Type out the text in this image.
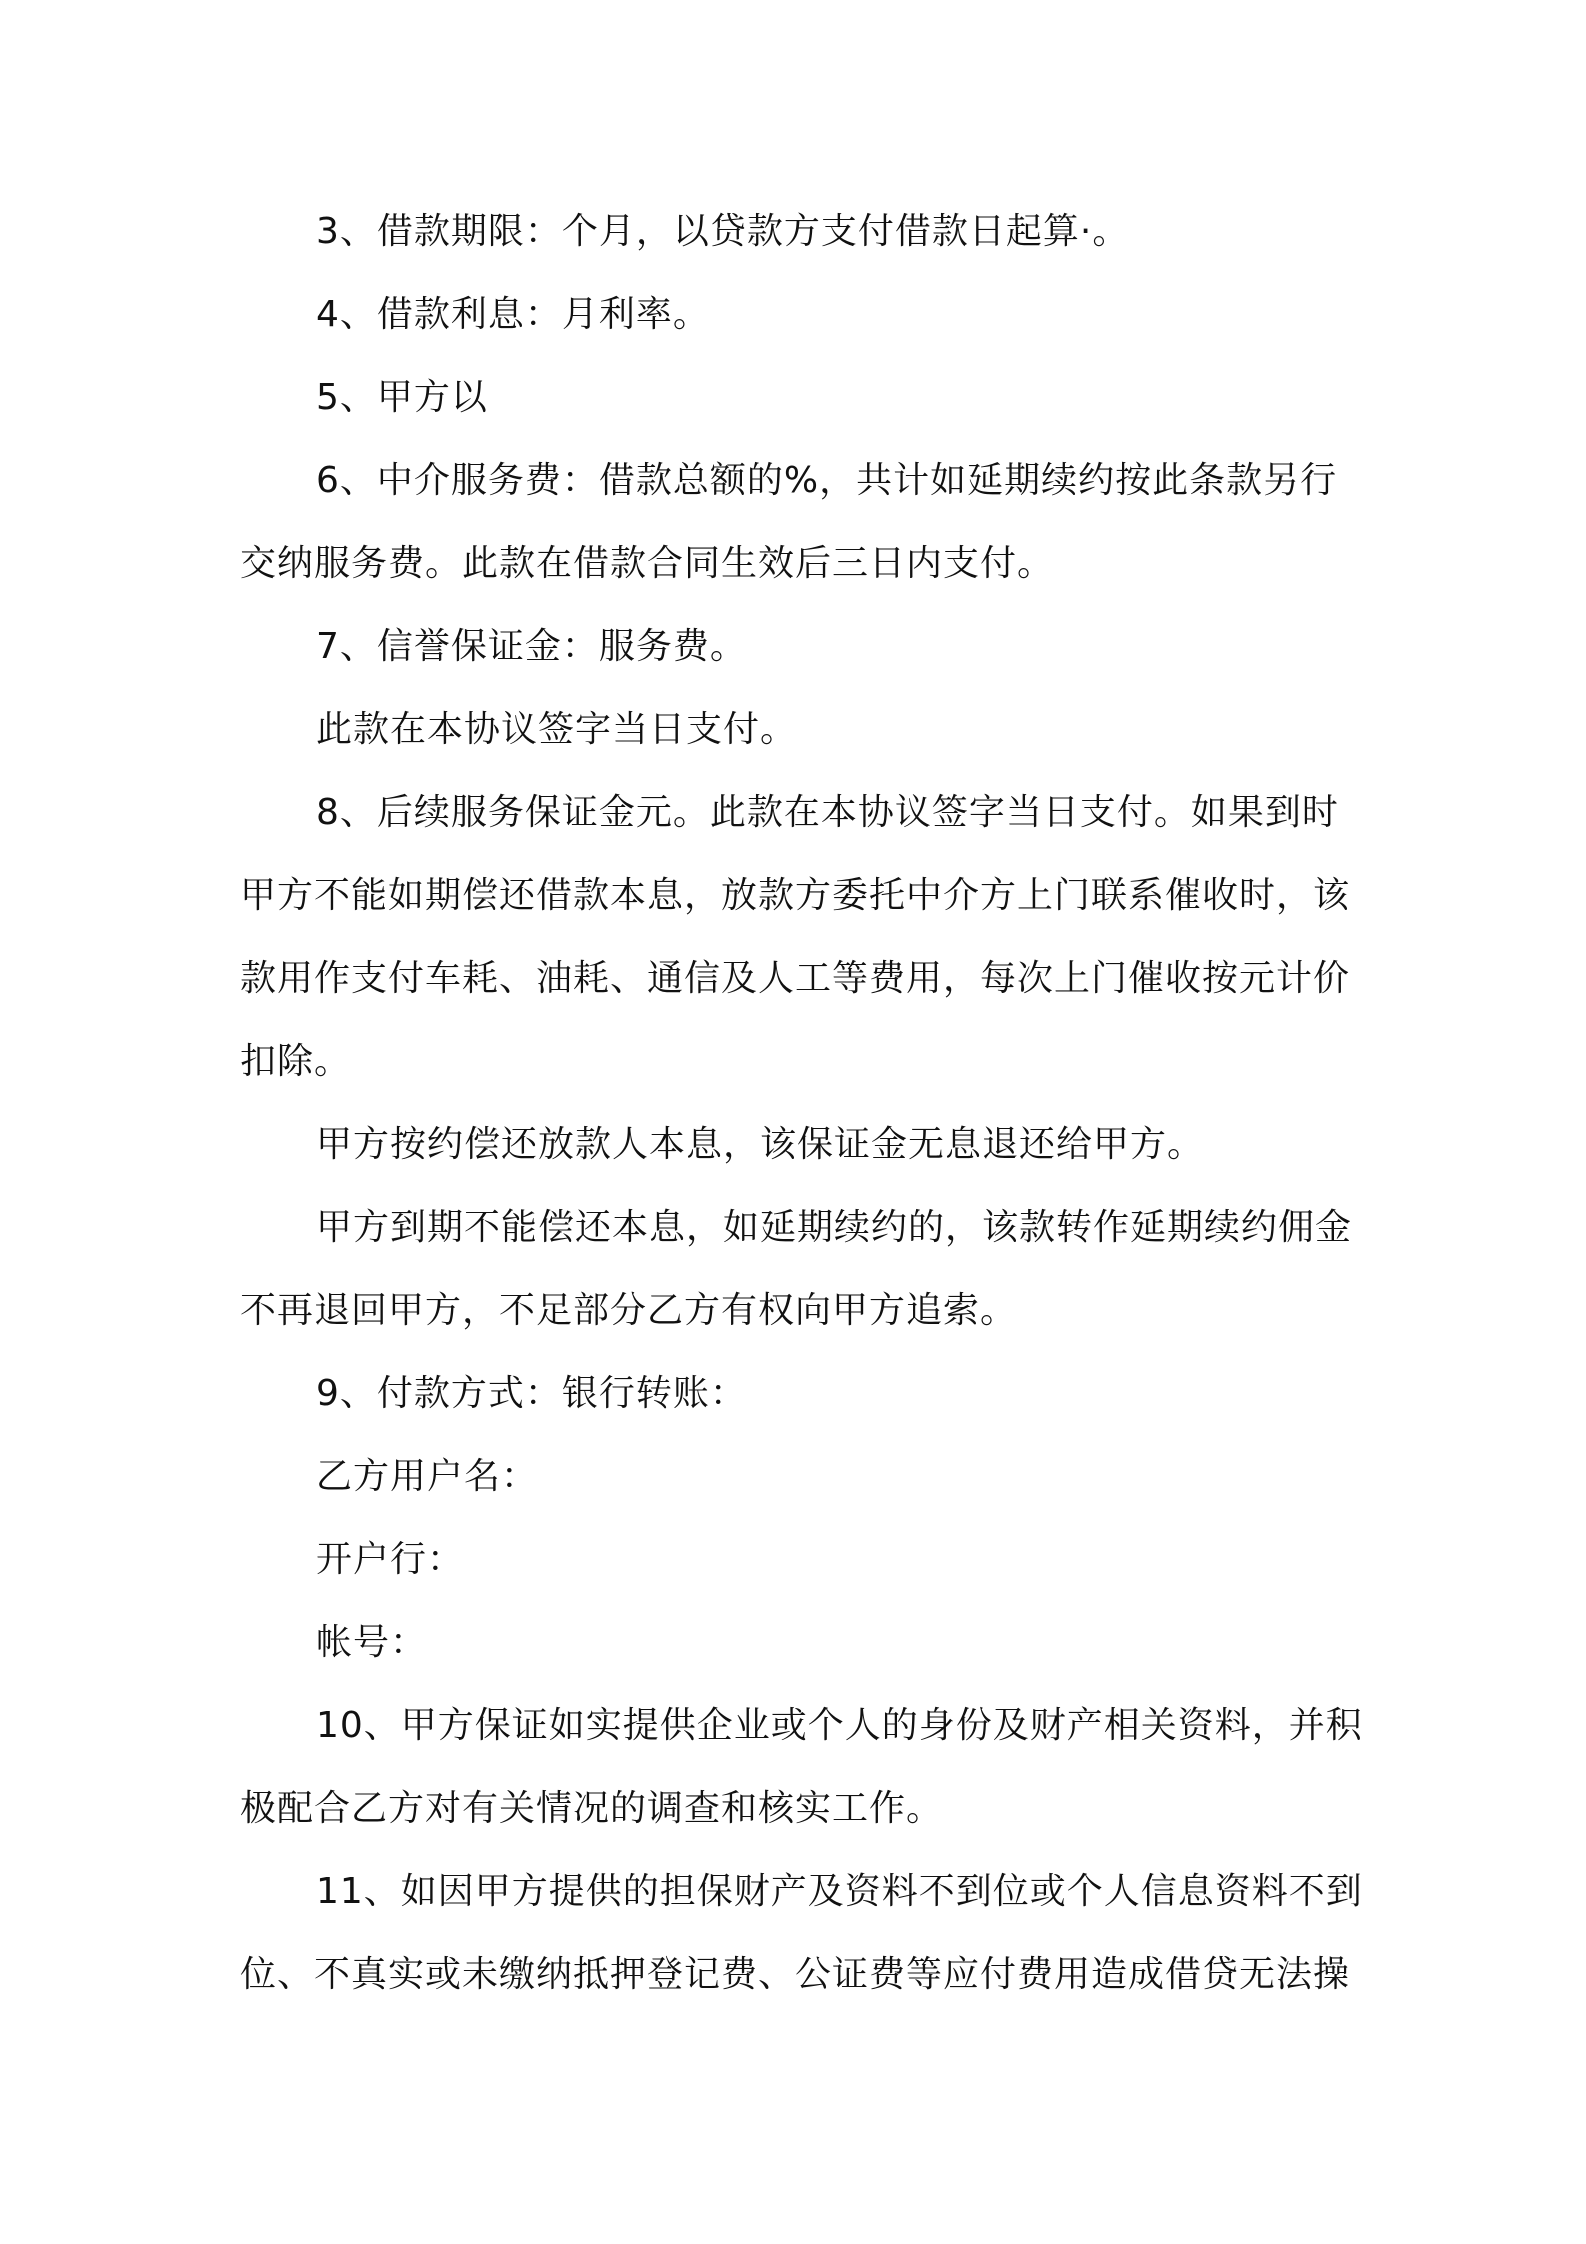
3、借款期限：个月，以贷款方支付借款日起算·。

4、借款利息：月利率。

5、甲方以

6、中介服务费：借款总额的%，共计如延期续约按此条款另行
交纳服务费。此款在借款合同生效后三日内支付。

7、信誉保证金：服务费。

此款在本协议签字当日支付。

8、后续服务保证金元。此款在本协议签字当日支付。如果到时
甲方不能如期偿还借款本息，放款方委托中介方上门联系催收时，该
款用作支付车耗、油耗、通信及人工等费用，每次上门催收按元计价
扣除。

甲方按约偿还放款人本息，该保证金无息退还给甲方。

甲方到期不能偿还本息，如延期续约的，该款转作延期续约佣金
不再退回甲方，不足部分乙方有权向甲方追索。

9、付款方式：银行转账：

乙方用户名：

开户行：

帐号：

10、甲方保证如实提供企业或个人的身份及财产相关资料，并积
极配合乙方对有关情况的调查和核实工作。

11、如因甲方提供的担保财产及资料不到位或个人信息资料不到
位、不真实或未缴纳抵押登记费、公证费等应付费用造成借贷无法操
